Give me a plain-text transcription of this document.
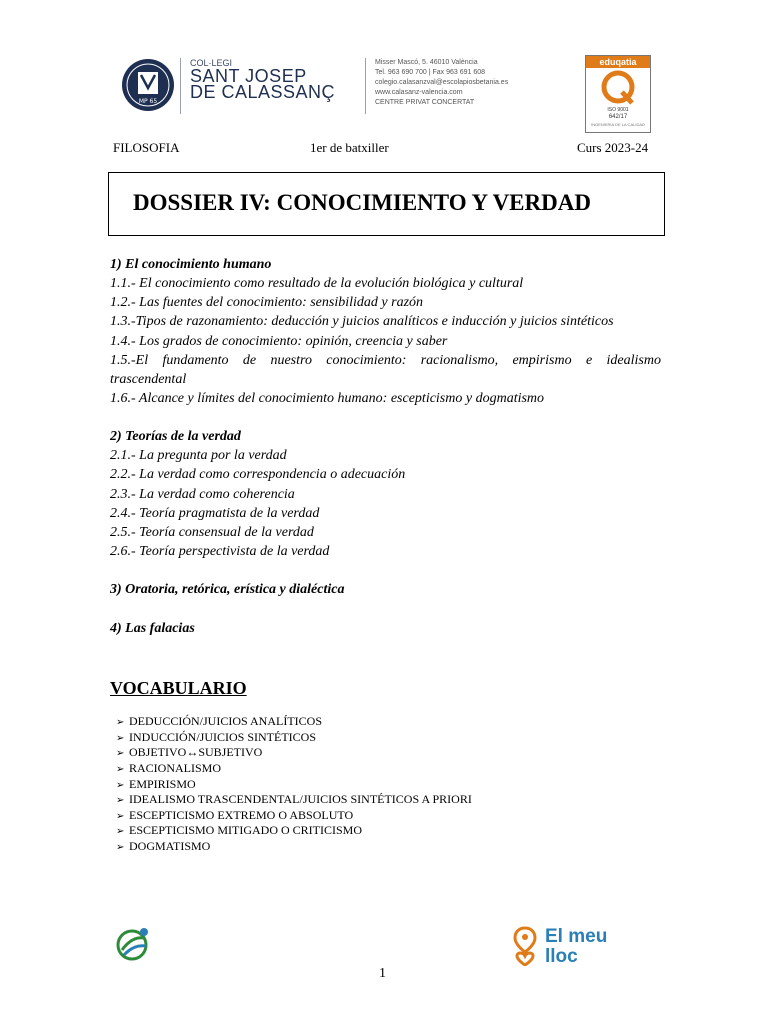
MP 65
COL·LEGI
SANT JOSEP
DE CALASSANÇ
Misser Mascó, 5. 46010 València
Tel. 963 690 700 | Fax 963 691 608
colegio.calasanzval@escolapiosbetania.es
www.calasanz-valencia.com
CENTRE PRIVAT CONCERTAT
eduqatia
ISO 9001
642/17
INGENIERIA DE LA CALIDAD
FILOSOFIA	1er de batxiller	Curs 2023-24
DOSSIER IV: CONOCIMIENTO Y VERDAD
1) El conocimiento humano
1.1.- El conocimiento como resultado de la evolución biológica y cultural
1.2.- Las fuentes del conocimiento: sensibilidad y razón
1.3.-Tipos de razonamiento: deducción y juicios analíticos e inducción y juicios sintéticos
1.4.- Los grados de conocimiento: opinión, creencia y saber
1.5.-El fundamento de nuestro conocimiento: racionalismo, empirismo e idealismo
trascendental
1.6.- Alcance y límites del conocimiento humano: escepticismo y dogmatismo
2) Teorías de la verdad
2.1.- La pregunta por la verdad
2.2.- La verdad como correspondencia o adecuación
2.3.- La verdad como coherencia
2.4.- Teoría pragmatista de la verdad
2.5.- Teoría consensual de la verdad
2.6.- Teoría perspectivista de la verdad
3) Oratoria, retórica, erística y dialéctica
4) Las falacias
VOCABULARIO
➢ DEDUCCIÓN/JUICIOS ANALÍTICOS
➢ INDUCCIÓN/JUICIOS SINTÉTICOS
➢ OBJETIVO↔SUBJETIVO
➢ RACIONALISMO
➢ EMPIRISMO
➢ IDEALISMO TRASCENDENTAL/JUICIOS SINTÉTICOS A PRIORI
➢ ESCEPTICISMO EXTREMO O ABSOLUTO
➢ ESCEPTICISMO MITIGADO O CRITICISMO
➢ DOGMATISMO
El meu
lloc
1
